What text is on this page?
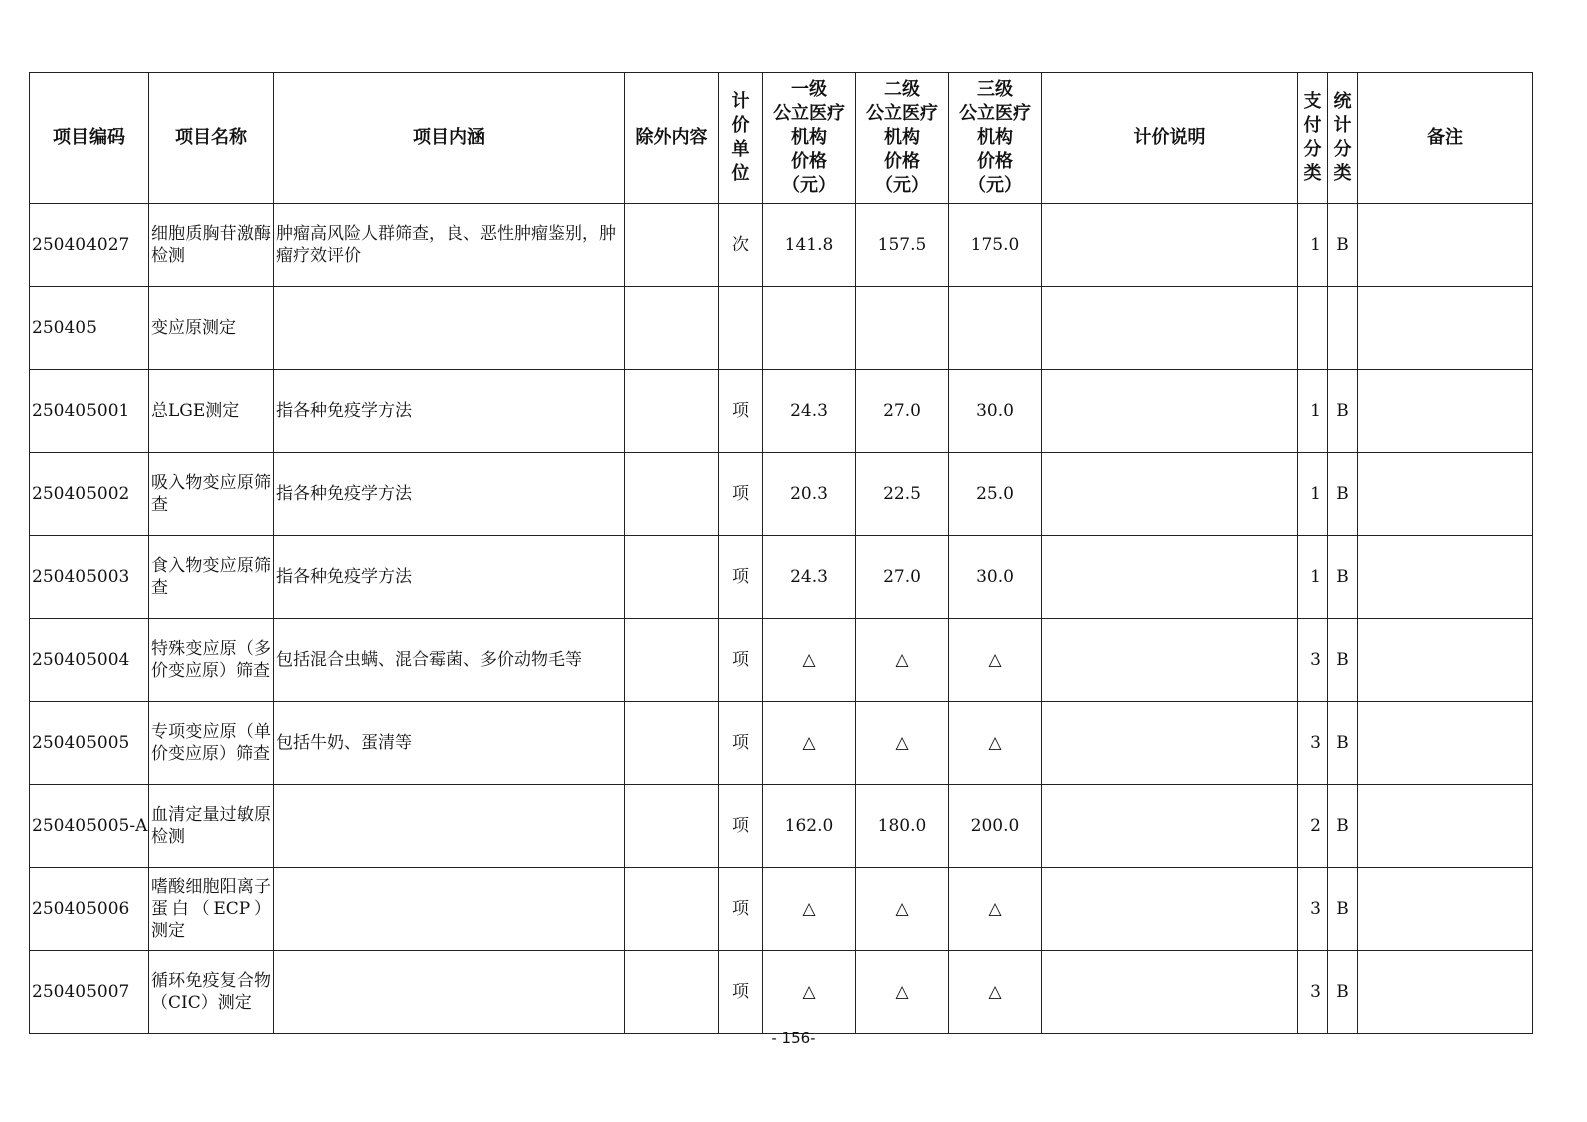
项目编码	项目名称	项目内涵	除外内容	计
价
单
位	一级
公立医疗
机构
价格
（元）	二级
公立医疗
机构
价格
（元）	三级
公立医疗
机构
价格
（元）	计价说明	支
付
分
类	统
计
分
类	备注
250404027	细胞质胸苷激酶检测	肿瘤高风险人群筛查，良、恶性肿瘤鉴别，肿瘤疗效评价		次	141.8	157.5	175.0		1	B	
250405	变应原测定										
250405001	总LGE测定	指各种免疫学方法		项	24.3	27.0	30.0		1	B	
250405002	吸入物变应原筛查	指各种免疫学方法		项	20.3	22.5	25.0		1	B	
250405003	食入物变应原筛查	指各种免疫学方法		项	24.3	27.0	30.0		1	B	
250405004	特殊变应原（多价变应原）筛查	包括混合虫螨、混合霉菌、多价动物毛等		项	△	△	△		3	B	
250405005	专项变应原（单价变应原）筛查	包括牛奶、蛋清等		项	△	△	△		3	B	
250405005-A	血清定量过敏原检测			项	162.0	180.0	200.0		2	B	
250405006	嗜酸细胞阳离子蛋白（ECP）测定			项	△	△	△		3	B	
250405007	循环免疫复合物（CIC）测定			项	△	△	△		3	B	
- 156-
